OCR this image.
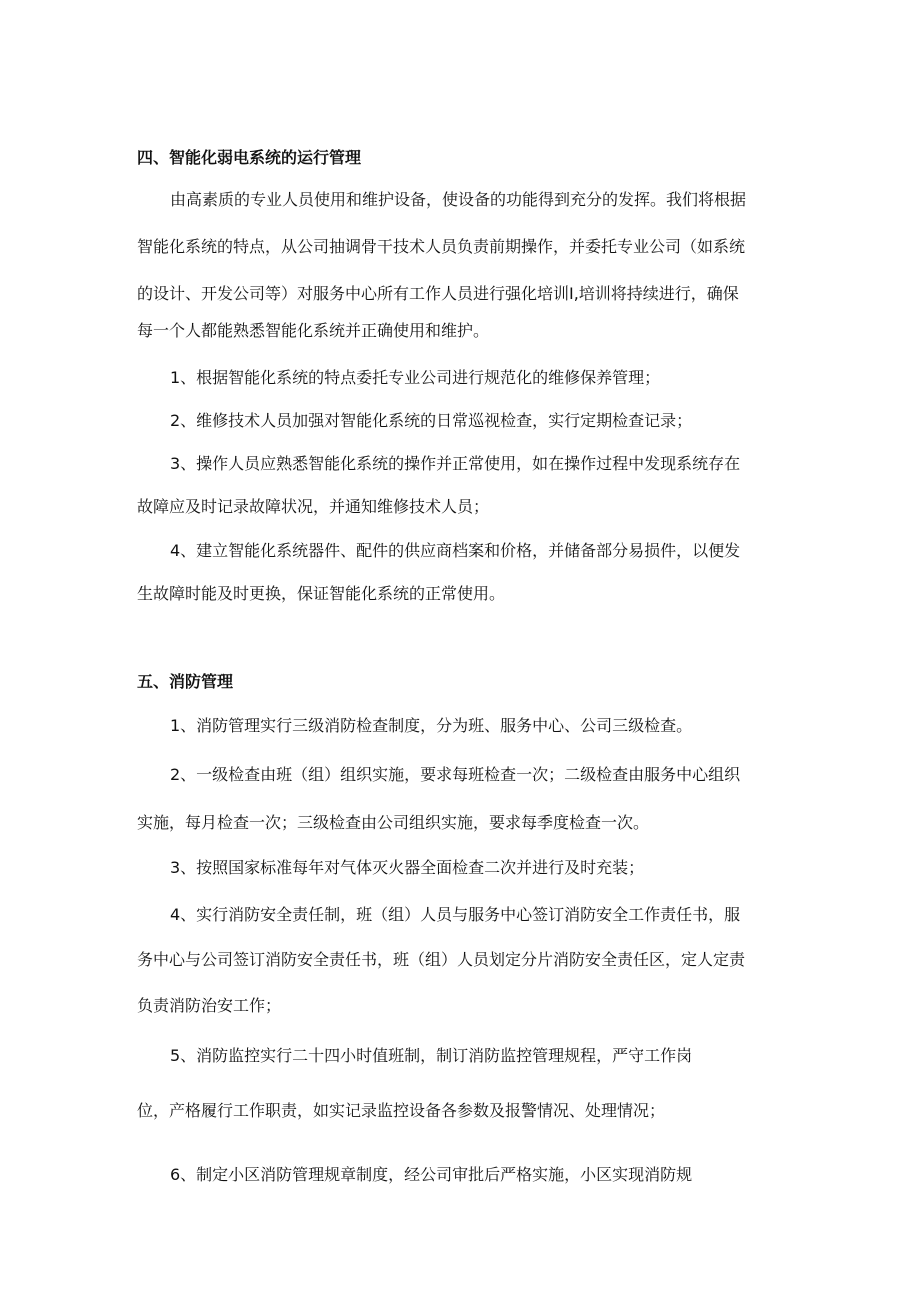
四、智能化弱电系统的运行管理
由高素质的专业人员使用和维护设备，使设备的功能得到充分的发挥。我们将根据
智能化系统的特点，从公司抽调骨干技术人员负责前期操作，并委托专业公司（如系统
的设计、开发公司等）对服务中心所有工作人员进行强化培训Ⅰ,培训将持续进行，确保
每一个人都能熟悉智能化系统并正确使用和维护。
1、根据智能化系统的特点委托专业公司进行规范化的维修保养管理；
2、维修技术人员加强对智能化系统的日常巡视检查，实行定期检查记录；
3、操作人员应熟悉智能化系统的操作并正常使用，如在操作过程中发现系统存在
故障应及时记录故障状况，并通知维修技术人员；
4、建立智能化系统器件、配件的供应商档案和价格，并储备部分易损件，以便发
生故障时能及时更换，保证智能化系统的正常使用。
五、消防管理
1、消防管理实行三级消防检查制度，分为班、服务中心、公司三级检查。
2、一级检查由班（组）组织实施，要求每班检查一次；二级检查由服务中心组织
实施，每月检查一次；三级检查由公司组织实施，要求每季度检查一次。
3、按照国家标准每年对气体灭火器全面检查二次并进行及时充装；
4、实行消防安全责任制，班（组）人员与服务中心签订消防安全工作责任书，服
务中心与公司签订消防安全责任书，班（组）人员划定分片消防安全责任区，定人定责
负责消防治安工作；
5、消防监控实行二十四小时值班制，制订消防监控管理规程，严守工作岗
位，产格履行工作职责，如实记录监控设备各参数及报警情况、处理情况；
6、制定小区消防管理规章制度，经公司审批后严格实施，小区实现消防规
